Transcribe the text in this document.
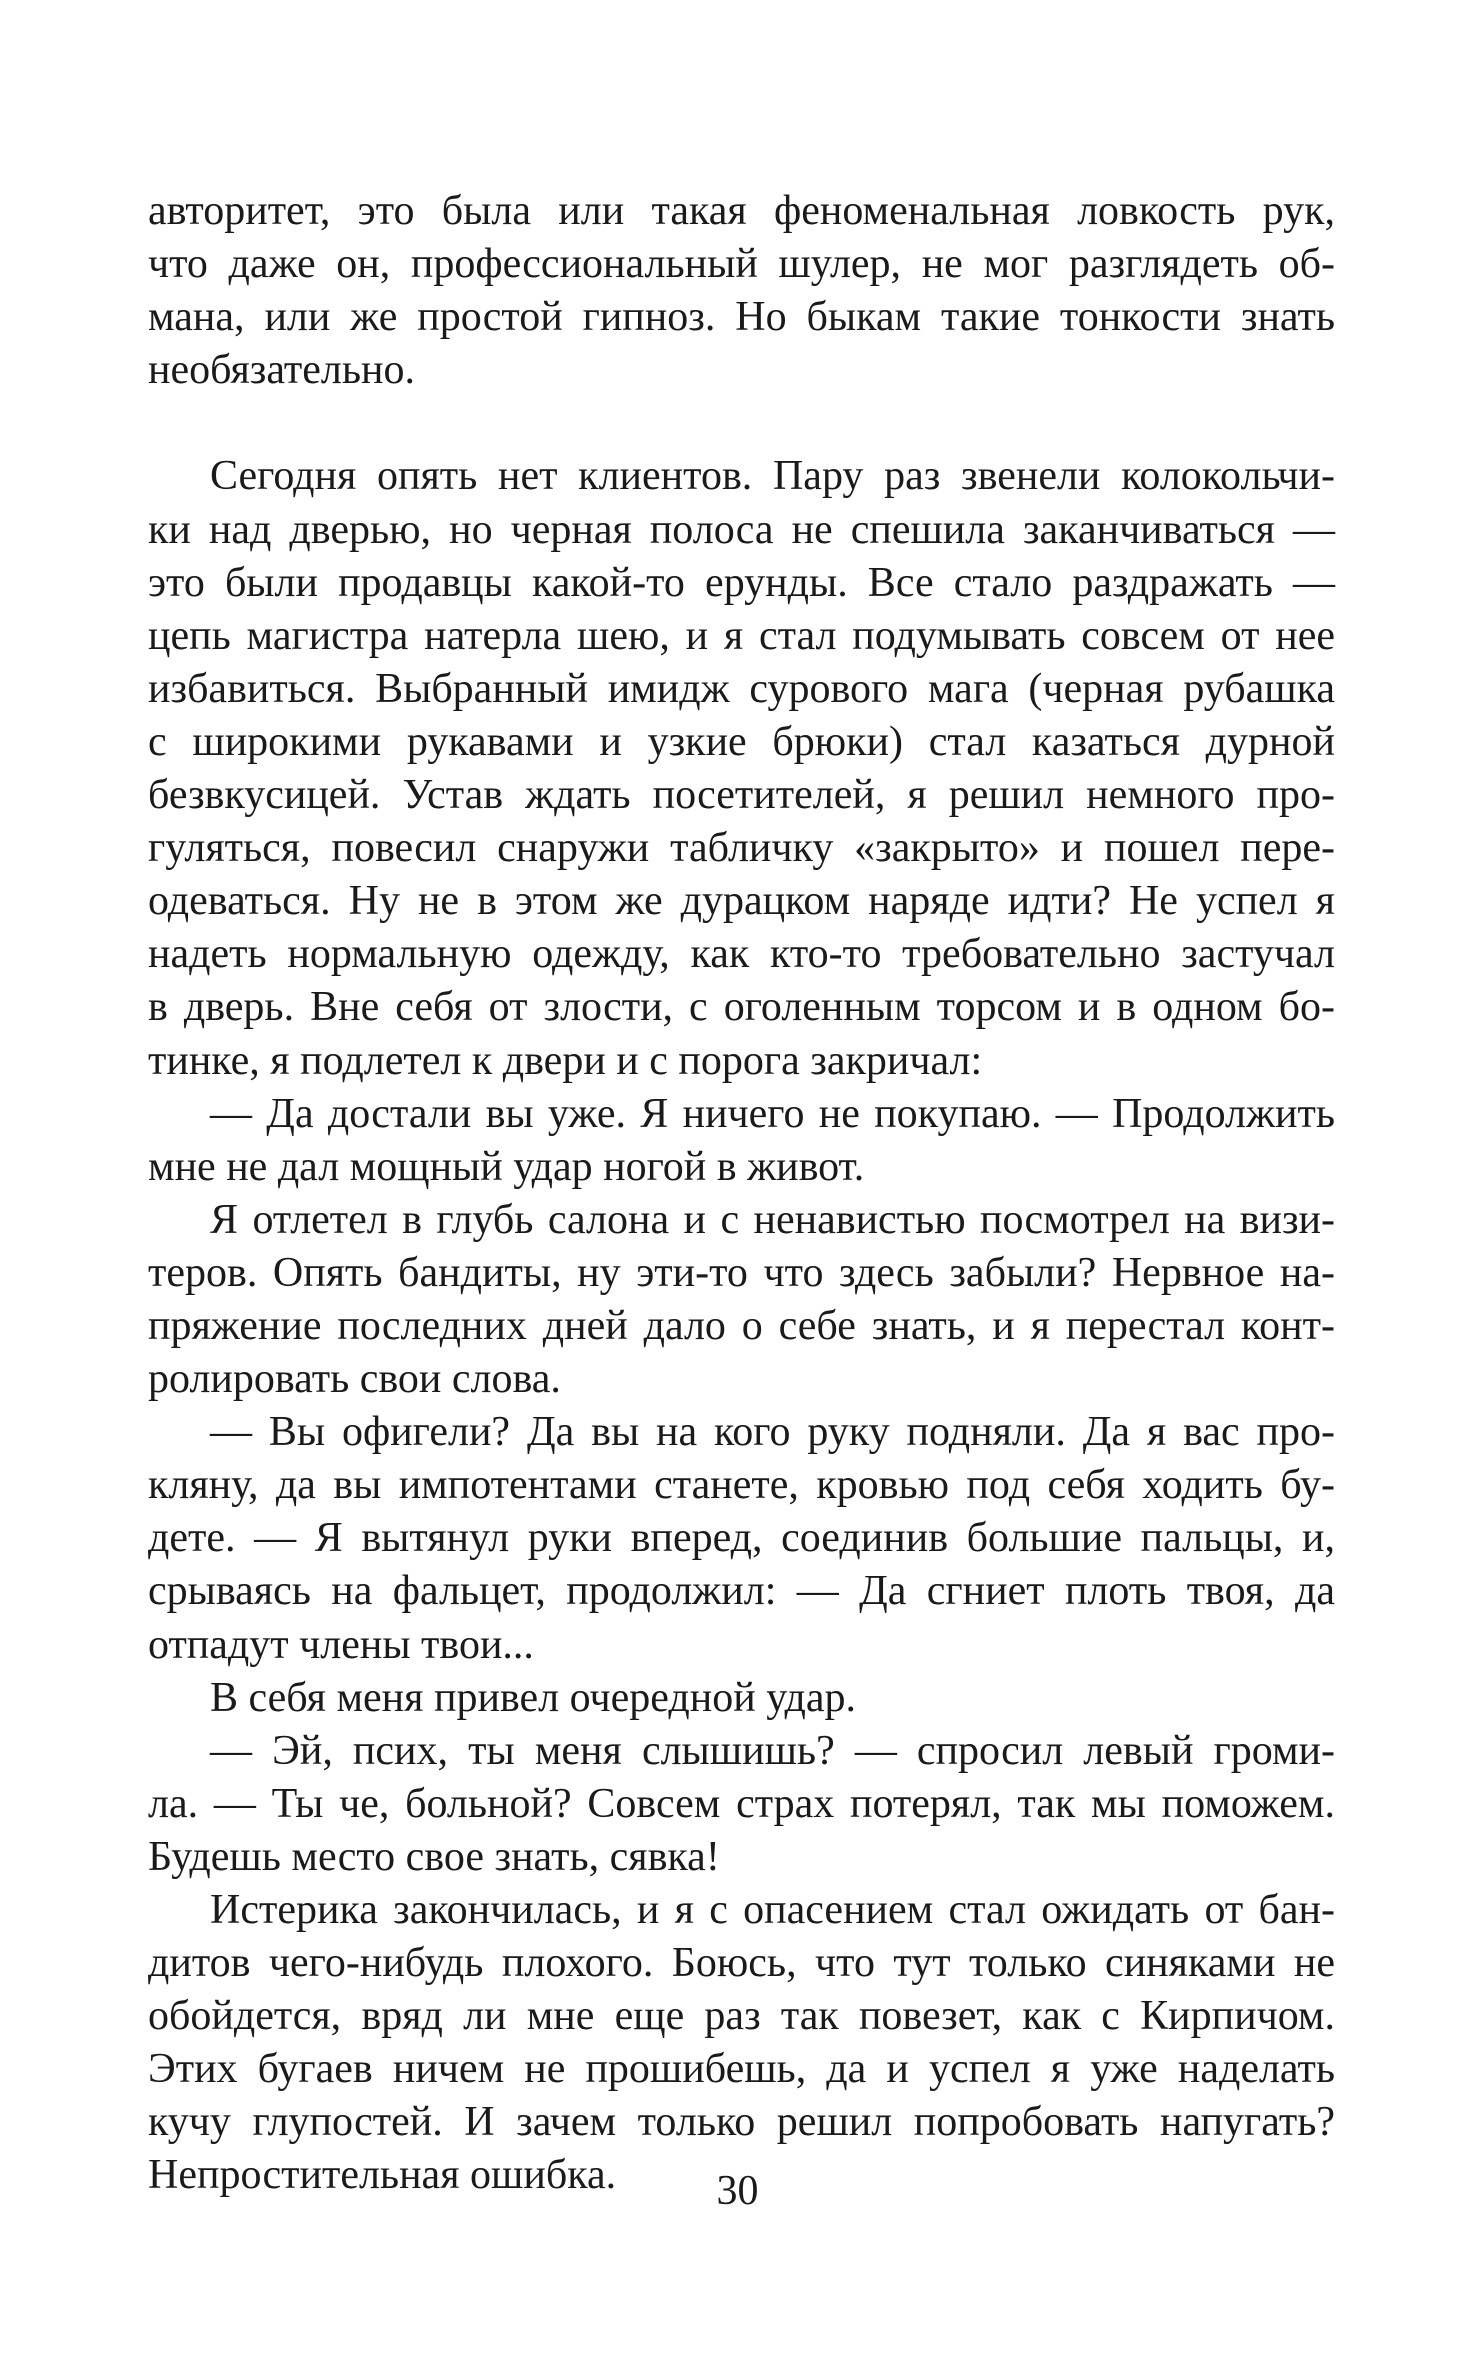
авторитет, это была или такая феноменальная ловкость рук,
что даже он, профессиональный шулер, не мог разглядеть об-
мана, или же простой гипноз. Но быкам такие тонкости знать
необязательно.
Сегодня опять нет клиентов. Пару раз звенели колокольчи-
ки над дверью, но черная полоса не спешила заканчиваться —
это были продавцы какой-то ерунды. Все стало раздражать —
цепь магистра натерла шею, и я стал подумывать совсем от нее
избавиться. Выбранный имидж сурового мага (черная рубашка
с широкими рукавами и узкие брюки) стал казаться дурной
безвкусицей. Устав ждать посетителей, я решил немного про-
гуляться, повесил снаружи табличку «закрыто» и пошел пере-
одеваться. Ну не в этом же дурацком наряде идти? Не успел я
надеть нормальную одежду, как кто-то требовательно застучал
в дверь. Вне себя от злости, с оголенным торсом и в одном бо-
тинке, я подлетел к двери и с порога закричал:
— Да достали вы уже. Я ничего не покупаю. — Продолжить
мне не дал мощный удар ногой в живот.
Я отлетел в глубь салона и с ненавистью посмотрел на визи-
теров. Опять бандиты, ну эти-то что здесь забыли? Нервное на-
пряжение последних дней дало о себе знать, и я перестал конт-
ролировать свои слова.
— Вы офигели? Да вы на кого руку подняли. Да я вас про-
кляну, да вы импотентами станете, кровью под себя ходить бу-
дете. — Я вытянул руки вперед, соединив большие пальцы, и,
срываясь на фальцет, продолжил: — Да сгниет плоть твоя, да
отпадут члены твои...
В себя меня привел очередной удар.
— Эй, псих, ты меня слышишь? — спросил левый громи-
ла. — Ты че, больной? Совсем страх потерял, так мы поможем.
Будешь место свое знать, сявка!
Истерика закончилась, и я с опасением стал ожидать от бан-
дитов чего-нибудь плохого. Боюсь, что тут только синяками не
обойдется, вряд ли мне еще раз так повезет, как с Кирпичом.
Этих бугаев ничем не прошибешь, да и успел я уже наделать
кучу глупостей. И зачем только решил попробовать напугать?
Непростительная ошибка.	30
